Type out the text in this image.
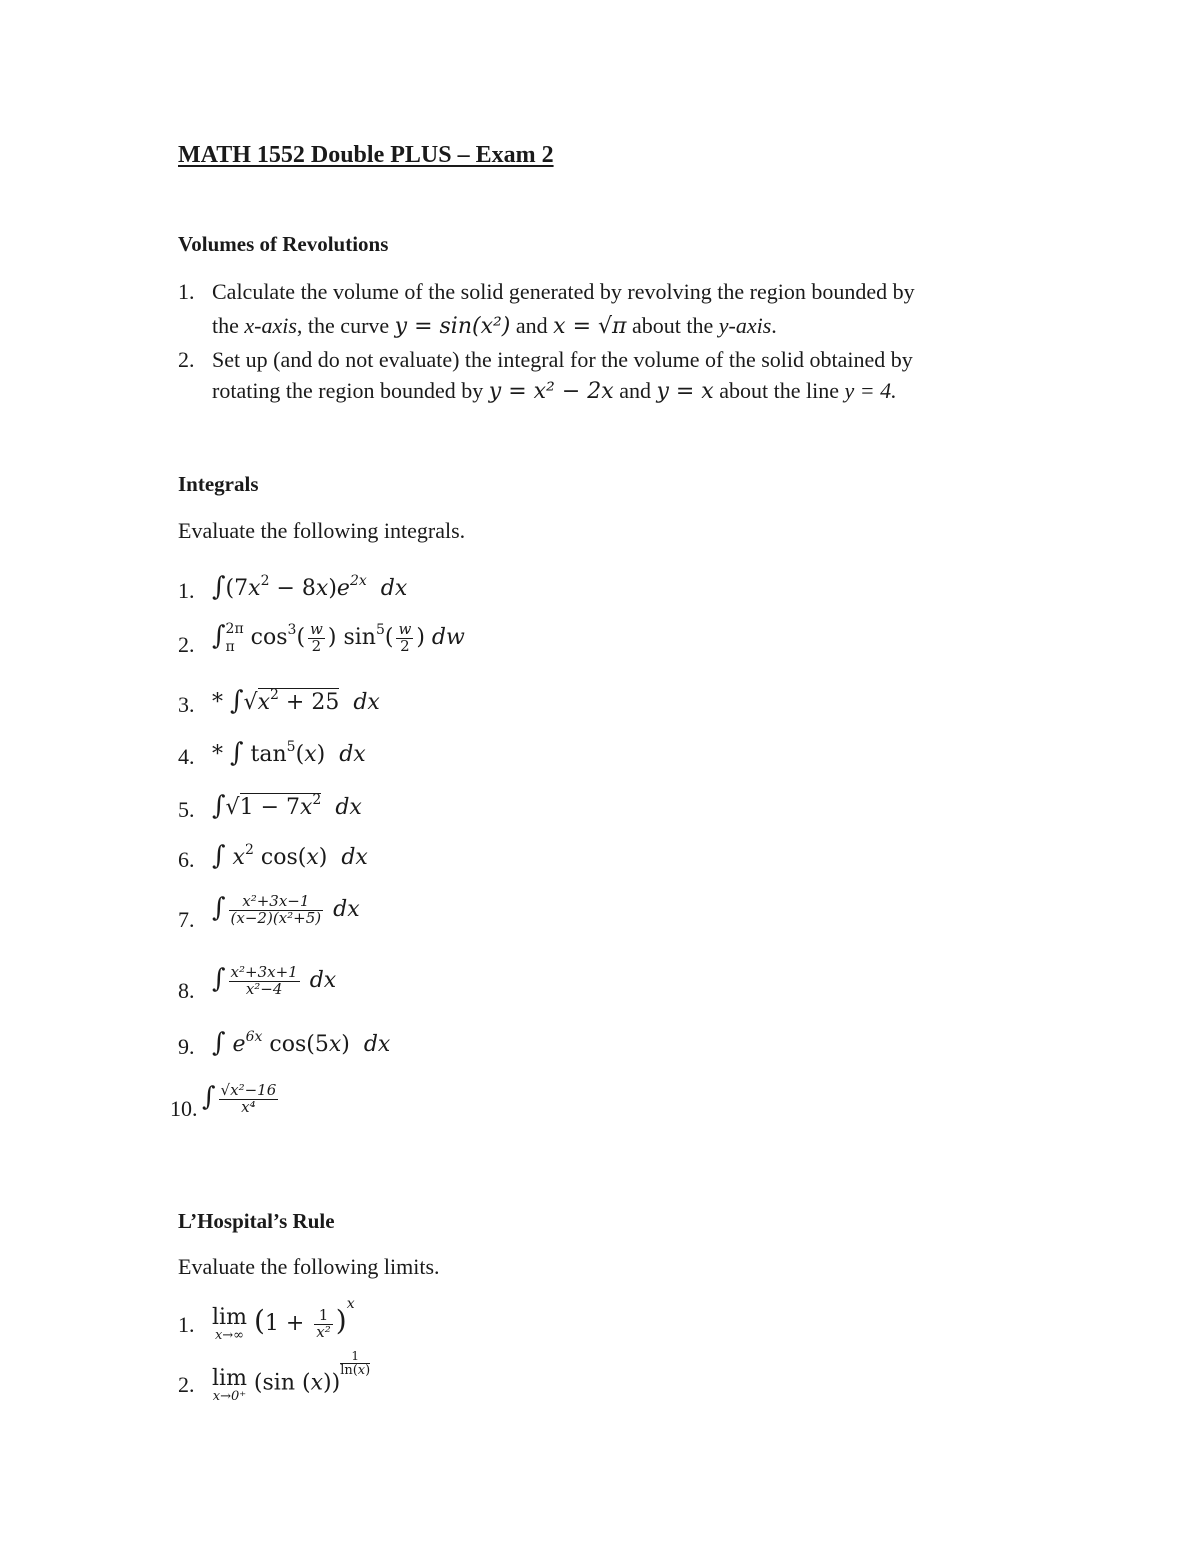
MATH 1552 Double PLUS – Exam 2
Volumes of Revolutions
1. Calculate the volume of the solid generated by revolving the region bounded by
the x-axis, the curve y = sin(x²) and x = √π about the y-axis.
2. Set up (and do not evaluate) the integral for the volume of the solid obtained by
rotating the region bounded by y = x² − 2x and y = x about the line y = 4.
Integrals
Evaluate the following integrals.
1. $\int(7x^2 - 8x)e^{2x}$ dx
2. ∫ 2π
π $\cos^3( \frac{w}{2}$ ) $\sin^5( \frac{w}{2}$ ) dw
3. * $\int√x^2 + 25$ dx
4. * ∫ $\tan^5(x)$  dx
5. $\int√1 - 7x^2$ dx
6. ∫ $x^2$ cos(x)  dx
7. ∫ $\frac{\text{x²+3x−1}}{\text{(x−2)(x²+5)}}$ dx
8. ∫ $\frac{\text{x²+3x+1}}{\text{x²−4}}$ dx
9. ∫ $e^{6x}$ cos(5x)  dx
10. ∫ $\frac{\text{√x²−16}}{\text{x⁴}}$
L’Hospital’s Rule
Evaluate the following limits.
1. lim
x→∞ $(1 + \frac{1}{\text{x²}} )^x$
2. lim
x→0⁺
(sin (x))
$\frac{1}{\ln(x)}$
